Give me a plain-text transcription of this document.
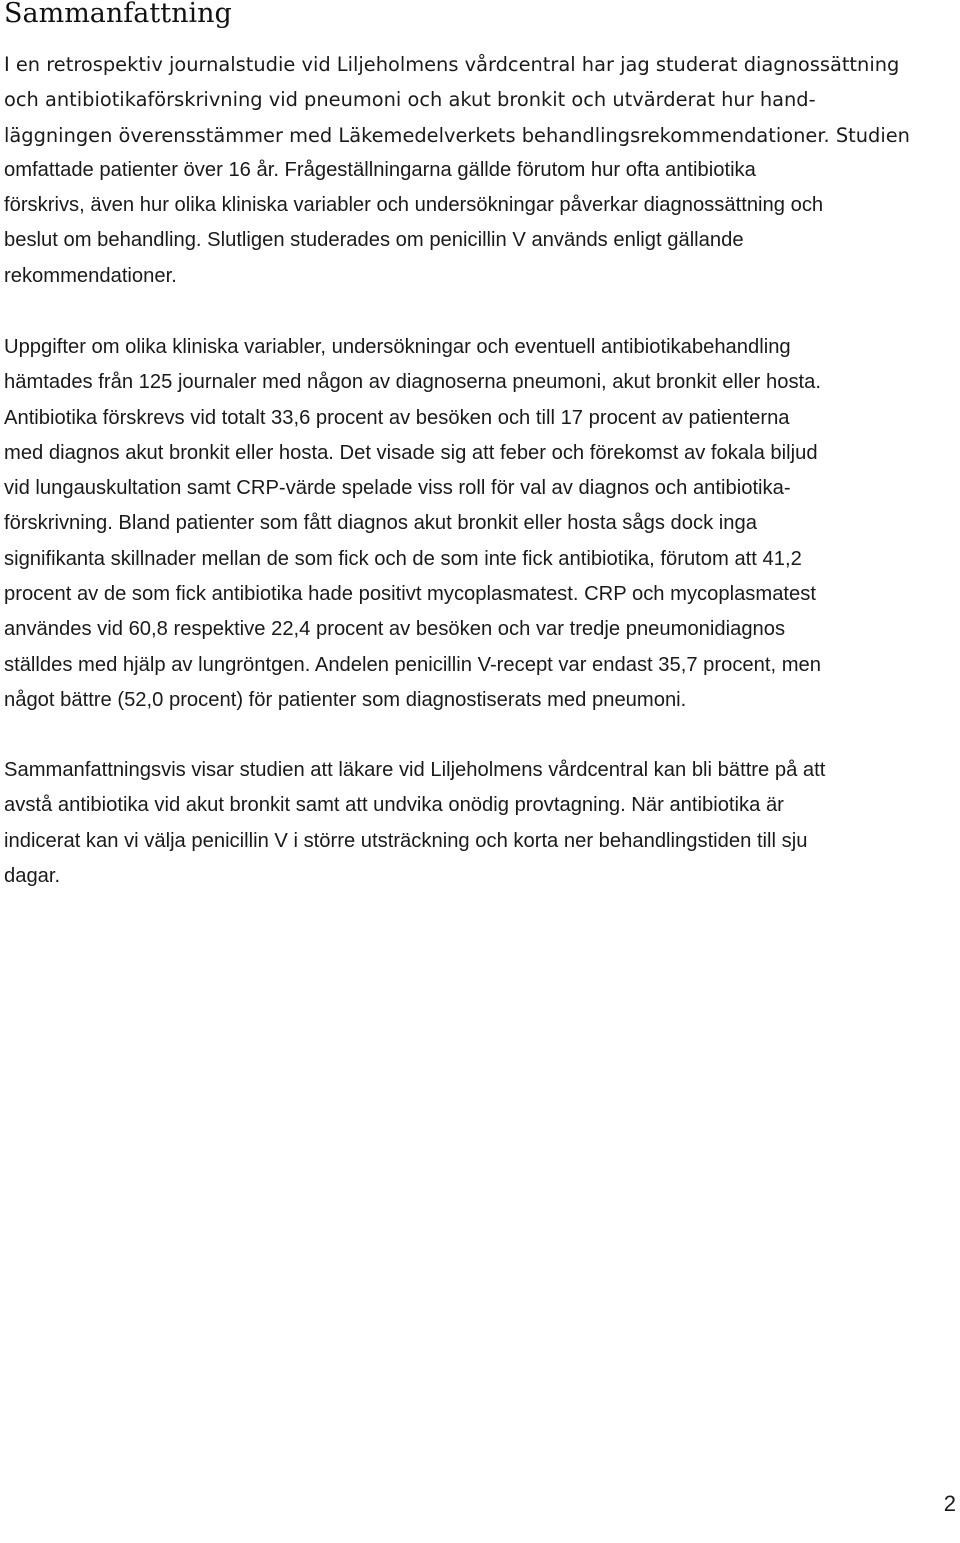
Sammanfattning
I en retrospektiv journalstudie vid Liljeholmens vårdcentral har jag studerat diagnossättning
och antibiotikaförskrivning vid pneumoni och akut bronkit och utvärderat hur hand-
läggningen överensstämmer med Läkemedelverkets behandlingsrekommendationer. Studien
omfattade patienter över 16 år. Frågeställningarna gällde förutom hur ofta antibiotika
förskrivs, även hur olika kliniska variabler och undersökningar påverkar diagnossättning och
beslut om behandling. Slutligen studerades om penicillin V används enligt gällande
rekommendationer.
Uppgifter om olika kliniska variabler, undersökningar och eventuell antibiotikabehandling
hämtades från 125 journaler med någon av diagnoserna pneumoni, akut bronkit eller hosta.
Antibiotika förskrevs vid totalt 33,6 procent av besöken och till 17 procent av patienterna
med diagnos akut bronkit eller hosta. Det visade sig att feber och förekomst av fokala biljud
vid lungauskultation samt CRP-värde spelade viss roll för val av diagnos och antibiotika-
förskrivning. Bland patienter som fått diagnos akut bronkit eller hosta sågs dock inga
signifikanta skillnader mellan de som fick och de som inte fick antibiotika, förutom att 41,2
procent av de som fick antibiotika hade positivt mycoplasmatest. CRP och mycoplasmatest
användes vid 60,8 respektive 22,4 procent av besöken och var tredje pneumonidiagnos
ställdes med hjälp av lungröntgen. Andelen penicillin V-recept var endast 35,7 procent, men
något bättre (52,0 procent) för patienter som diagnostiserats med pneumoni.
Sammanfattningsvis visar studien att läkare vid Liljeholmens vårdcentral kan bli bättre på att
avstå antibiotika vid akut bronkit samt att undvika onödig provtagning. När antibiotika är
indicerat kan vi välja penicillin V i större utsträckning och korta ner behandlingstiden till sju
dagar.
2
